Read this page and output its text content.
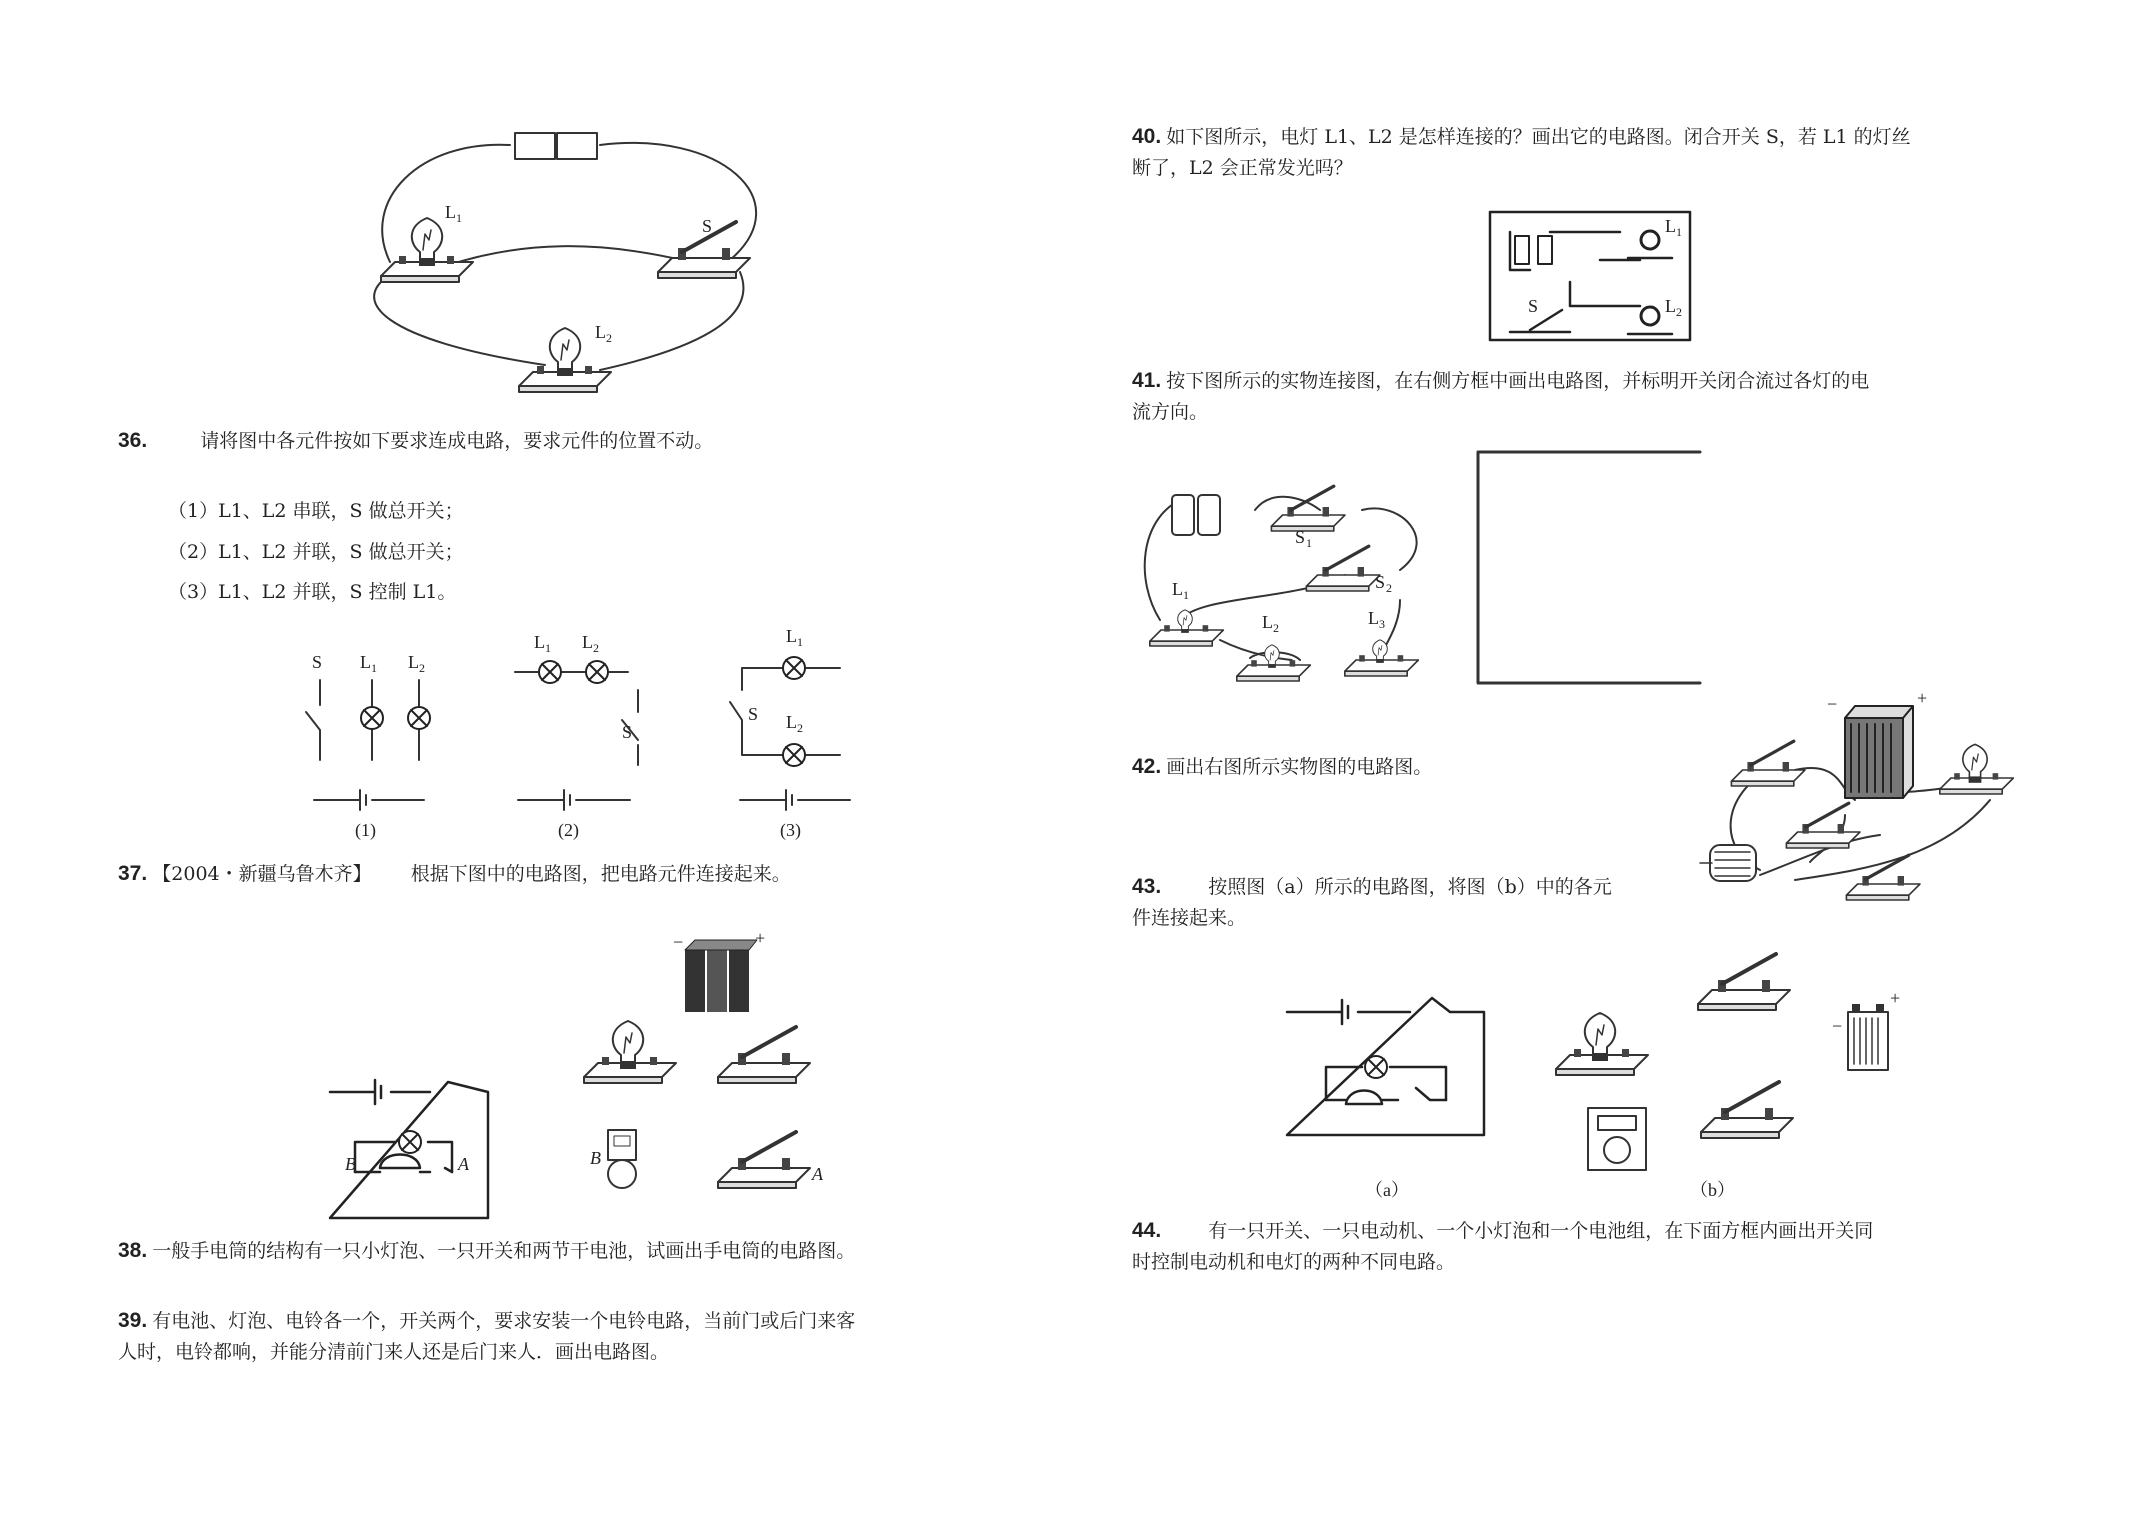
L 1	S
L 2
S L 1 L 2
(1)
L 1 L 2
S
(2)
L 1
L 2
S
(3)
B	A
−	+
B
A
L 1
L 2
S
S 1
S 2
L 1
L 2	L 3
−	+
（a）
−
+
（b）
36.	请将图中各元件按如下要求连成电路，要求元件的位置不动。
（1）L1、L2 串联，S 做总开关；
（2）L1、L2 并联，S 做总开关；
（3）L1、L2 并联，S 控制 L1。
37. 【2004・新疆乌鲁木齐】 根据下图中的电路图，把电路元件连接起来。
38. 一般手电筒的结构有一只小灯泡、一只开关和两节干电池，试画出手电筒的电路图。
39. 有电池、灯泡、电铃各一个，开关两个，要求安装一个电铃电路，当前门或后门来客
人时，电铃都响，并能分清前门来人还是后门来人．画出电路图。
40. 如下图所示，电灯 L1、L2 是怎样连接的？画出它的电路图。闭合开关 S，若 L1 的灯丝
断了，L2 会正常发光吗？
41. 按下图所示的实物连接图，在右侧方框中画出电路图，并标明开关闭合流过各灯的电
流方向。
42. 画出右图所示实物图的电路图。
43. 按照图（a）所示的电路图，将图（b）中的各元
件连接起来。
44. 有一只开关、一只电动机、一个小灯泡和一个电池组，在下面方框内画出开关同
时控制电动机和电灯的两种不同电路。
